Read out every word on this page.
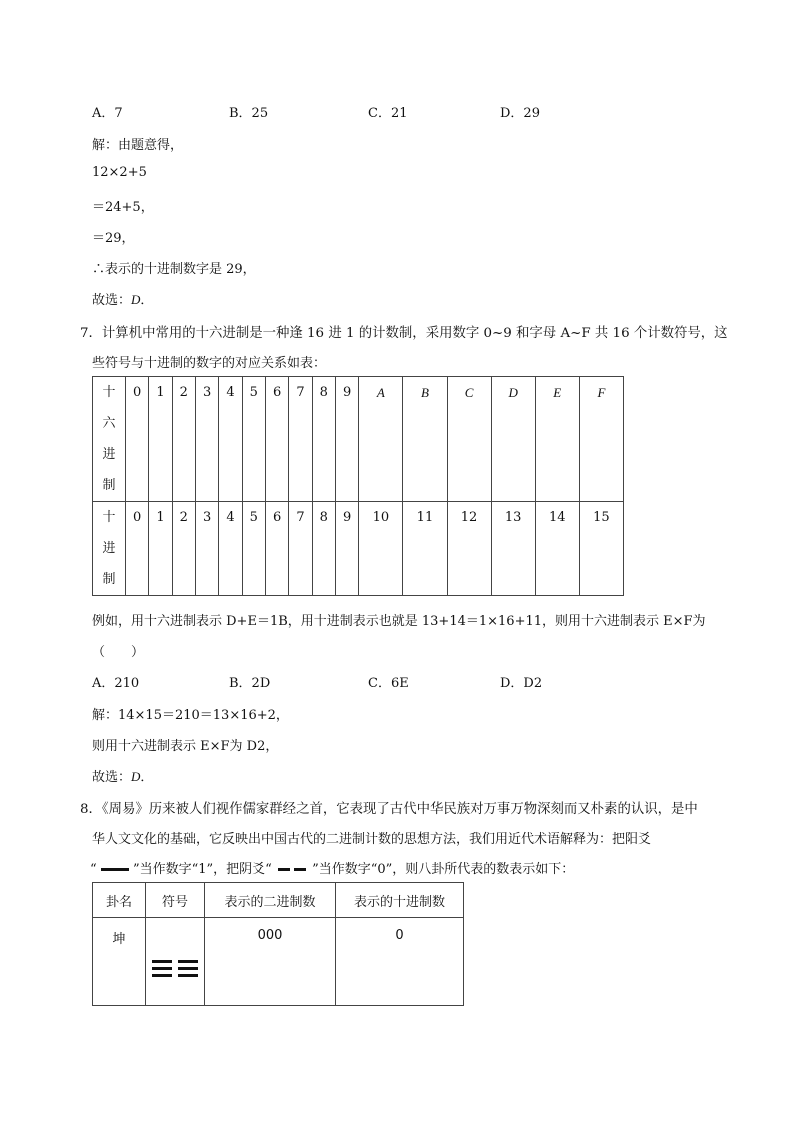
A．7	B．25	C．21	D．29
解：由题意得，
12×2+5
＝24+5，
＝29，
∴表示的十进制数字是 29，
故选：D．
7．计算机中常用的十六进制是一种逢 16 进 1 的计数制，采用数字 0~9 和字母 A~F 共 16 个计数符号，这
些符号与十进制的数字的对应关系如表：
十
六
进
制	0	1	2	3	4	5	6	7	8	9	A	B	C	D	E	F

十
进
制	0	1	2	3	4	5	6	7	8	9	10	11	12	13	14	15
例如，用十六进制表示 D+E＝1B，用十进制表示也就是 13+14＝1×16+11，则用十六进制表示 E×F为
（　　）
A．210	B．2D	C．6E	D．D2
解：14×15＝210＝13×16+2，
则用十六进制表示 E×F为 D2，
故选：D．
8．《周易》历来被人们视作儒家群经之首，它表现了古代中华民族对万事万物深刻而又朴素的认识，是中
华人文文化的基础，它反映出中国古代的二进制计数的思想方法，我们用近代术语解释为：把阳爻
“	”当作数字“1”，把阴爻“	”当作数字“0”，则八卦所代表的数表示如下：
卦名	符号	表示的二进制数	表示的十进制数
坤		000	0
